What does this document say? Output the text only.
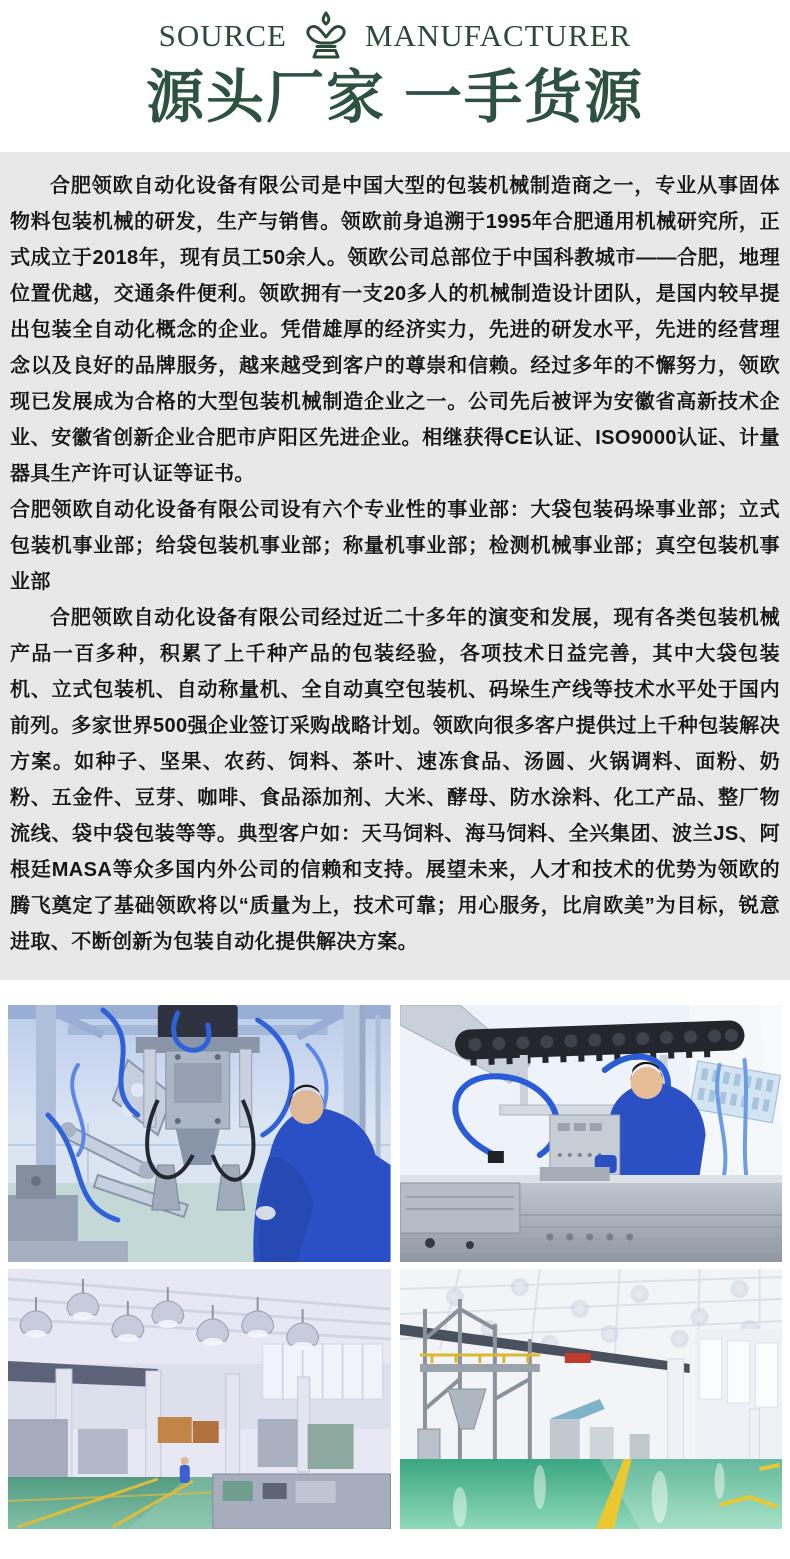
SOURCE	MANUFACTURER
源头厂家 一手货源

合肥领欧自动化设备有限公司是中国大型的包装机械制造商之一，专业从事固体物料包装机械的研发，生产与销售。领欧前身追溯于1995年合肥通用机械研究所，正式成立于2018年，现有员工50余人。领欧公司总部位于中国科教城市——合肥，地理位置优越，交通条件便利。领欧拥有一支20多人的机械制造设计团队，是国内较早提出包装全自动化概念的企业。凭借雄厚的经济实力，先进的研发水平，先进的经营理念以及良好的品牌服务，越来越受到客户的尊崇和信赖。经过多年的不懈努力，领欧现已发展成为合格的大型包装机械制造企业之一。公司先后被评为安徽省高新技术企业、安徽省创新企业合肥市庐阳区先进企业。相继获得CE认证、ISO9000认证、计量器具生产许可认证等证书。

合肥领欧自动化设备有限公司设有六个专业性的事业部：大袋包装码垛事业部；立式包装机事业部；给袋包装机事业部；称量机事业部；检测机械事业部；真空包装机事业部

合肥领欧自动化设备有限公司经过近二十多年的演变和发展，现有各类包装机械产品一百多种，积累了上千种产品的包装经验，各项技术日益完善，其中大袋包装机、立式包装机、自动称量机、全自动真空包装机、码垛生产线等技术水平处于国内前列。多家世界500强企业签订采购战略计划。领欧向很多客户提供过上千种包装解决方案。如种子、坚果、农药、饲料、茶叶、速冻食品、汤圆、火锅调料、面粉、奶粉、五金件、豆芽、咖啡、食品添加剂、大米、酵母、防水涂料、化工产品、整厂物流线、袋中袋包装等等。典型客户如：天马饲料、海马饲料、全兴集团、波兰JS、阿根廷MASA等众多国内外公司的信赖和支持。展望未来，人才和技术的优势为领欧的腾飞奠定了基础领欧将以“质量为上，技术可靠；用心服务，比肩欧美”为目标，锐意进取、不断创新为包装自动化提供解决方案。
